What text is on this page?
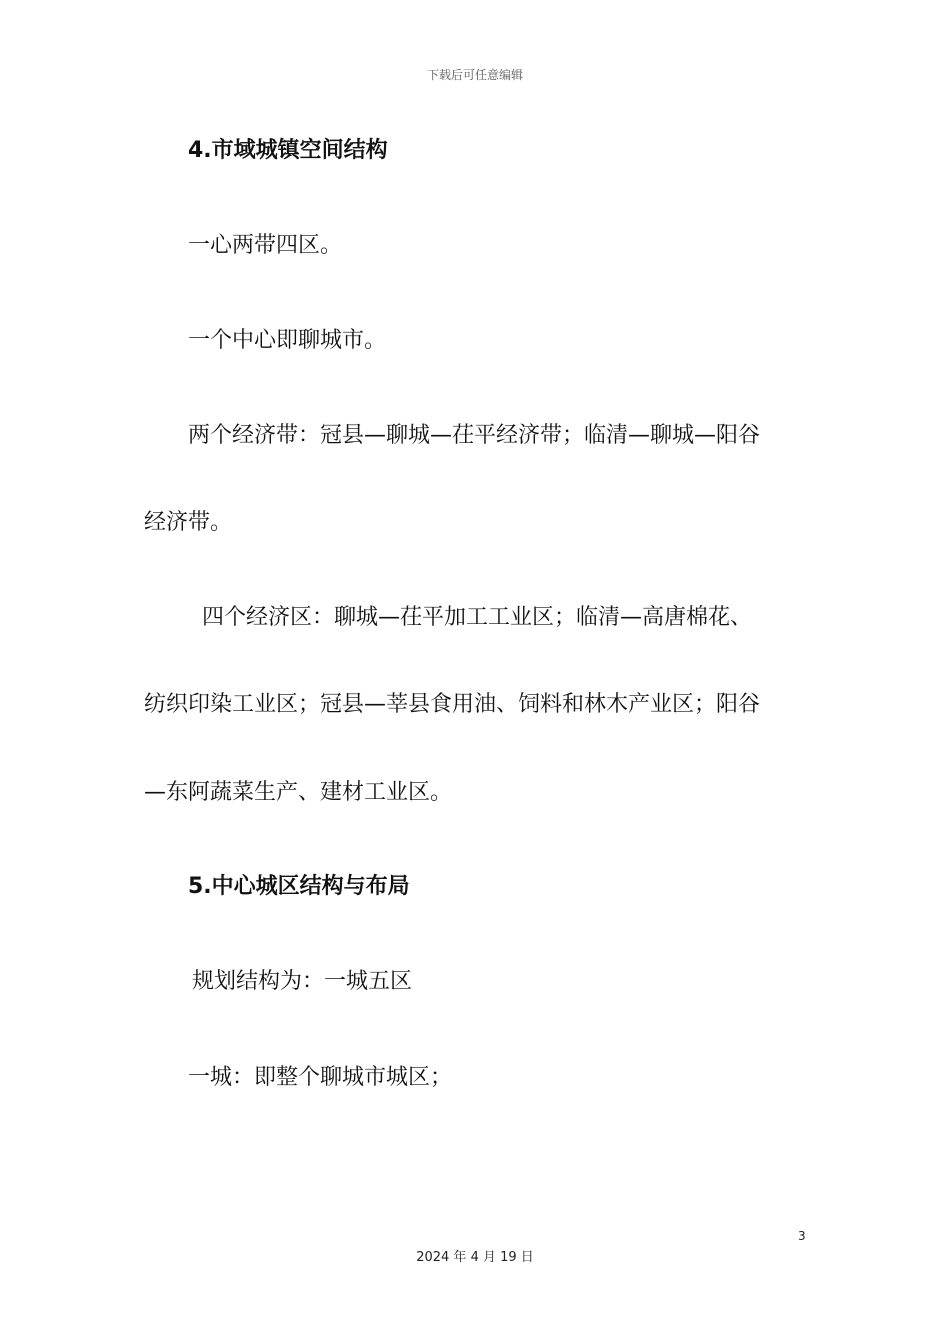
下载后可任意编辑
4.市域城镇空间结构
一心两带四区。
一个中心即聊城市。
两个经济带：冠县—聊城—茌平经济带；临清—聊城—阳谷
经济带。
四个经济区：聊城—茌平加工工业区；临清—高唐棉花、
纺织印染工业区；冠县—莘县食用油、饲料和林木产业区；阳谷
—东阿蔬菜生产、建材工业区。
5.中心城区结构与布局
规划结构为：一城五区
一城：即整个聊城市城区；
3
2024 年 4 月 19 日
